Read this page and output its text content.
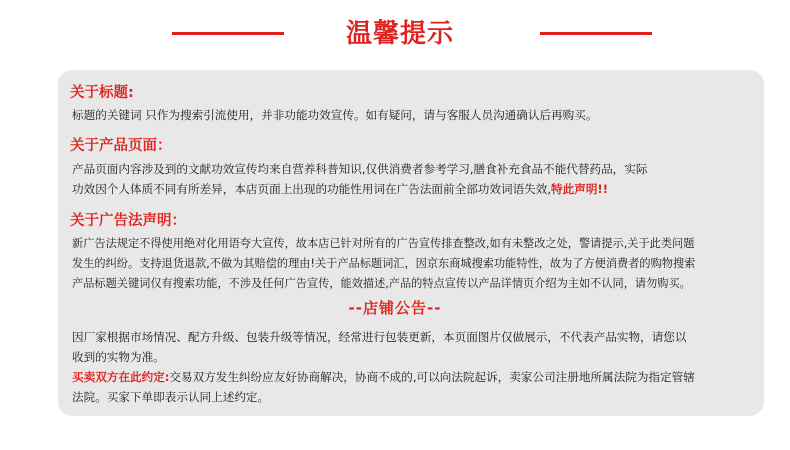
温馨提示
关于标题:
标题的关键词 只作为搜索引流使用，并非功能功效宣传。如有疑问，请与客服人员沟通确认后再购买。
关于产品页面：
产品页面内容涉及到的文献功效宣传均来自营养科普知识,仅供消费者参考学习,膳食补充食品不能代替药品，实际
功效因个人体质不同有所差异，本店页面上出现的功能性用词在广告法面前全部功效词语失效,特此声明!!
关于广告法声明：
新广告法规定不得使用绝对化用语夸大宣传，故本店已针对所有的广告宣传排查整改,如有未整改之处，警请提示,关于此类问题
发生的纠纷。支持退货退款,不做为其赔偿的理由!关于产品标题词汇，因京东商城搜索功能特性，故为了方便消费者的购物搜索
产品标题关键词仅有搜索功能，不涉及任何广告宣传，能效描述,产品的特点宣传以产品详情页介绍为主如不认同，请勿购买。
--店铺公告--
因厂家根据市场情况、配方升级、包装升级等情况，经常进行包装更新，本页面图片仅做展示，不代表产品实物，请您以
收到的实物为准。
买卖双方在此约定:交易双方发生纠纷应友好协商解决，协商不成的,可以向法院起诉，卖家公司注册地所属法院为指定管辖
法院。买家下单即表示认同上述约定。
